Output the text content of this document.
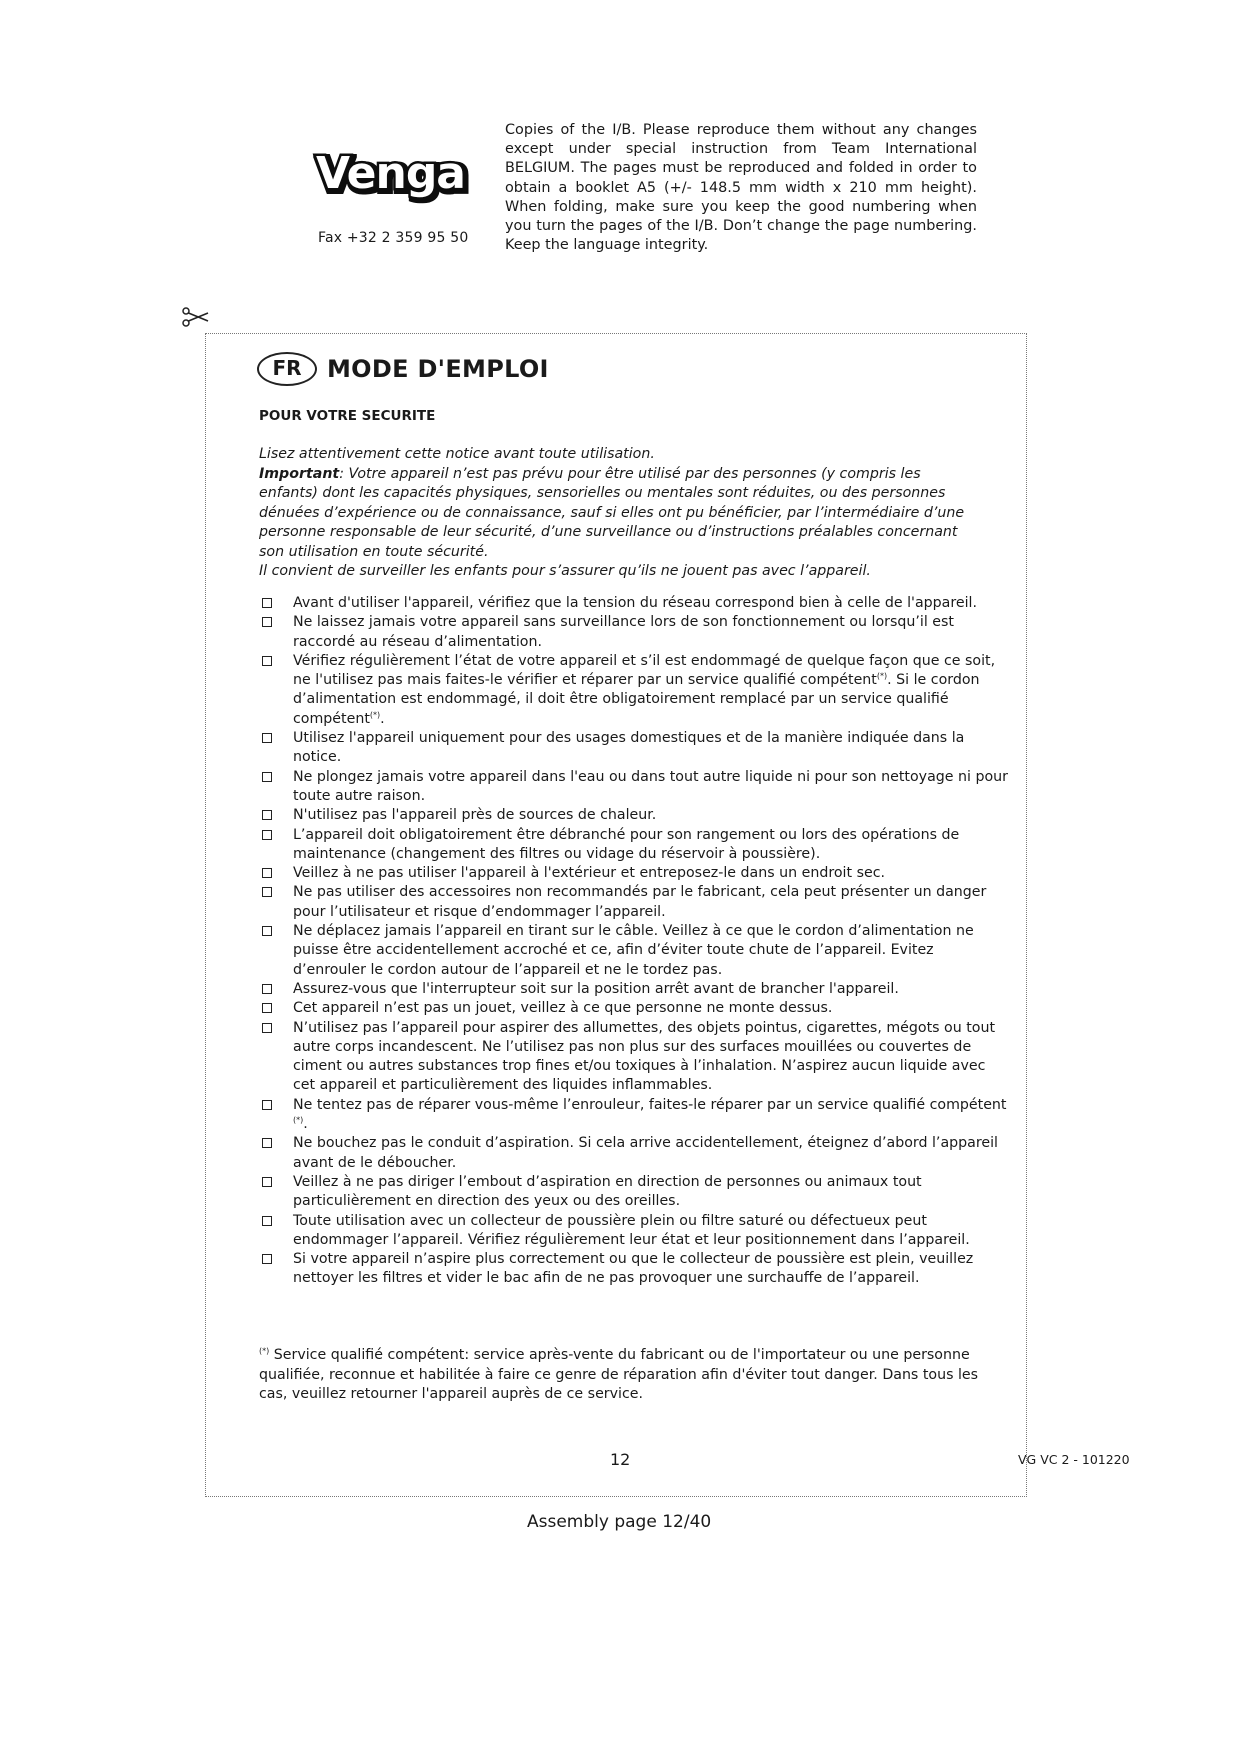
Venga
Fax +32 2 359 95 50
Copies of the I/B. Please reproduce them without any changes except under special instruction from Team International BELGIUM. The pages must be reproduced and folded in order to obtain a booklet A5 (+/- 148.5 mm width x 210 mm height). When folding, make sure you keep the good numbering when you turn the pages of the I/B. Don’t change the page numbering. Keep the language integrity.
FR	MODE D'EMPLOI
POUR VOTRE SECURITE

Lisez attentivement cette notice avant toute utilisation.

Important: Votre appareil n’est pas prévu pour être utilisé par des personnes (y compris les enfants) dont les capacités physiques, sensorielles ou mentales sont réduites, ou des personnes dénuées d’expérience ou de connaissance, sauf si elles ont pu bénéficier, par l’intermédiaire d’une personne responsable de leur sécurité, d’une surveillance ou d’instructions préalables concernant son utilisation en toute sécurité.

Il convient de surveiller les enfants pour s’assurer qu’ils ne jouent pas avec l’appareil.

Avant d'utiliser l'appareil, vérifiez que la tension du réseau correspond bien à celle de l'appareil.
Ne laissez jamais votre appareil sans surveillance lors de son fonctionnement ou lorsqu’il est raccordé au réseau d’alimentation.
Vérifiez régulièrement l’état de votre appareil et s’il est endommagé de quelque façon que ce soit, ne l'utilisez pas mais faites-le vérifier et réparer par un service qualifié compétent(*). Si le cordon d’alimentation est endommagé, il doit être obligatoirement remplacé par un service qualifié compétent(*).
Utilisez l'appareil uniquement pour des usages domestiques et de la manière indiquée dans la notice.
Ne plongez jamais votre appareil dans l'eau ou dans tout autre liquide ni pour son nettoyage ni pour toute autre raison.
N'utilisez pas l'appareil près de sources de chaleur.
L’appareil doit obligatoirement être débranché pour son rangement ou lors des opérations de maintenance (changement des filtres ou vidage du réservoir à poussière).
Veillez à ne pas utiliser l'appareil à l'extérieur et entreposez-le dans un endroit sec.
Ne pas utiliser des accessoires non recommandés par le fabricant, cela peut présenter un danger pour l’utilisateur et risque d’endommager l’appareil.
Ne déplacez jamais l’appareil en tirant sur le câble. Veillez à ce que le cordon d’alimentation ne puisse être accidentellement accroché et ce, afin d’éviter toute chute de l’appareil. Evitez d’enrouler le cordon autour de l’appareil et ne le tordez pas.
Assurez-vous que l'interrupteur soit sur la position arrêt avant de brancher l'appareil.
Cet appareil n’est pas un jouet, veillez à ce que personne ne monte dessus.
N’utilisez pas l’appareil pour aspirer des allumettes, des objets pointus, cigarettes, mégots ou tout autre corps incandescent. Ne l’utilisez pas non plus sur des surfaces mouillées ou couvertes de ciment ou autres substances trop fines et/ou toxiques à l’inhalation. N’aspirez aucun liquide avec cet appareil et particulièrement des liquides inflammables.
Ne tentez pas de réparer vous-même l’enrouleur, faites-le réparer par un service qualifié compétent (*).
Ne bouchez pas le conduit d’aspiration. Si cela arrive accidentellement, éteignez d’abord l’appareil avant de le déboucher.
Veillez à ne pas diriger l’embout d’aspiration en direction de personnes ou animaux tout particulièrement en direction des yeux ou des oreilles.
Toute utilisation avec un collecteur de poussière plein ou filtre saturé ou défectueux peut endommager l’appareil. Vérifiez régulièrement leur état et leur positionnement dans l’appareil.
Si votre appareil n’aspire plus correctement ou que le collecteur de poussière est plein, veuillez nettoyer les filtres et vider le bac afin de ne pas provoquer une surchauffe de l’appareil.
(*) Service qualifié compétent: service après-vente du fabricant ou de l'importateur ou une personne qualifiée, reconnue et habilitée à faire ce genre de réparation afin d'éviter tout danger. Dans tous les cas, veuillez retourner l'appareil auprès de ce service.
12	VG VC 2 - 101220
Assembly page 12/40
